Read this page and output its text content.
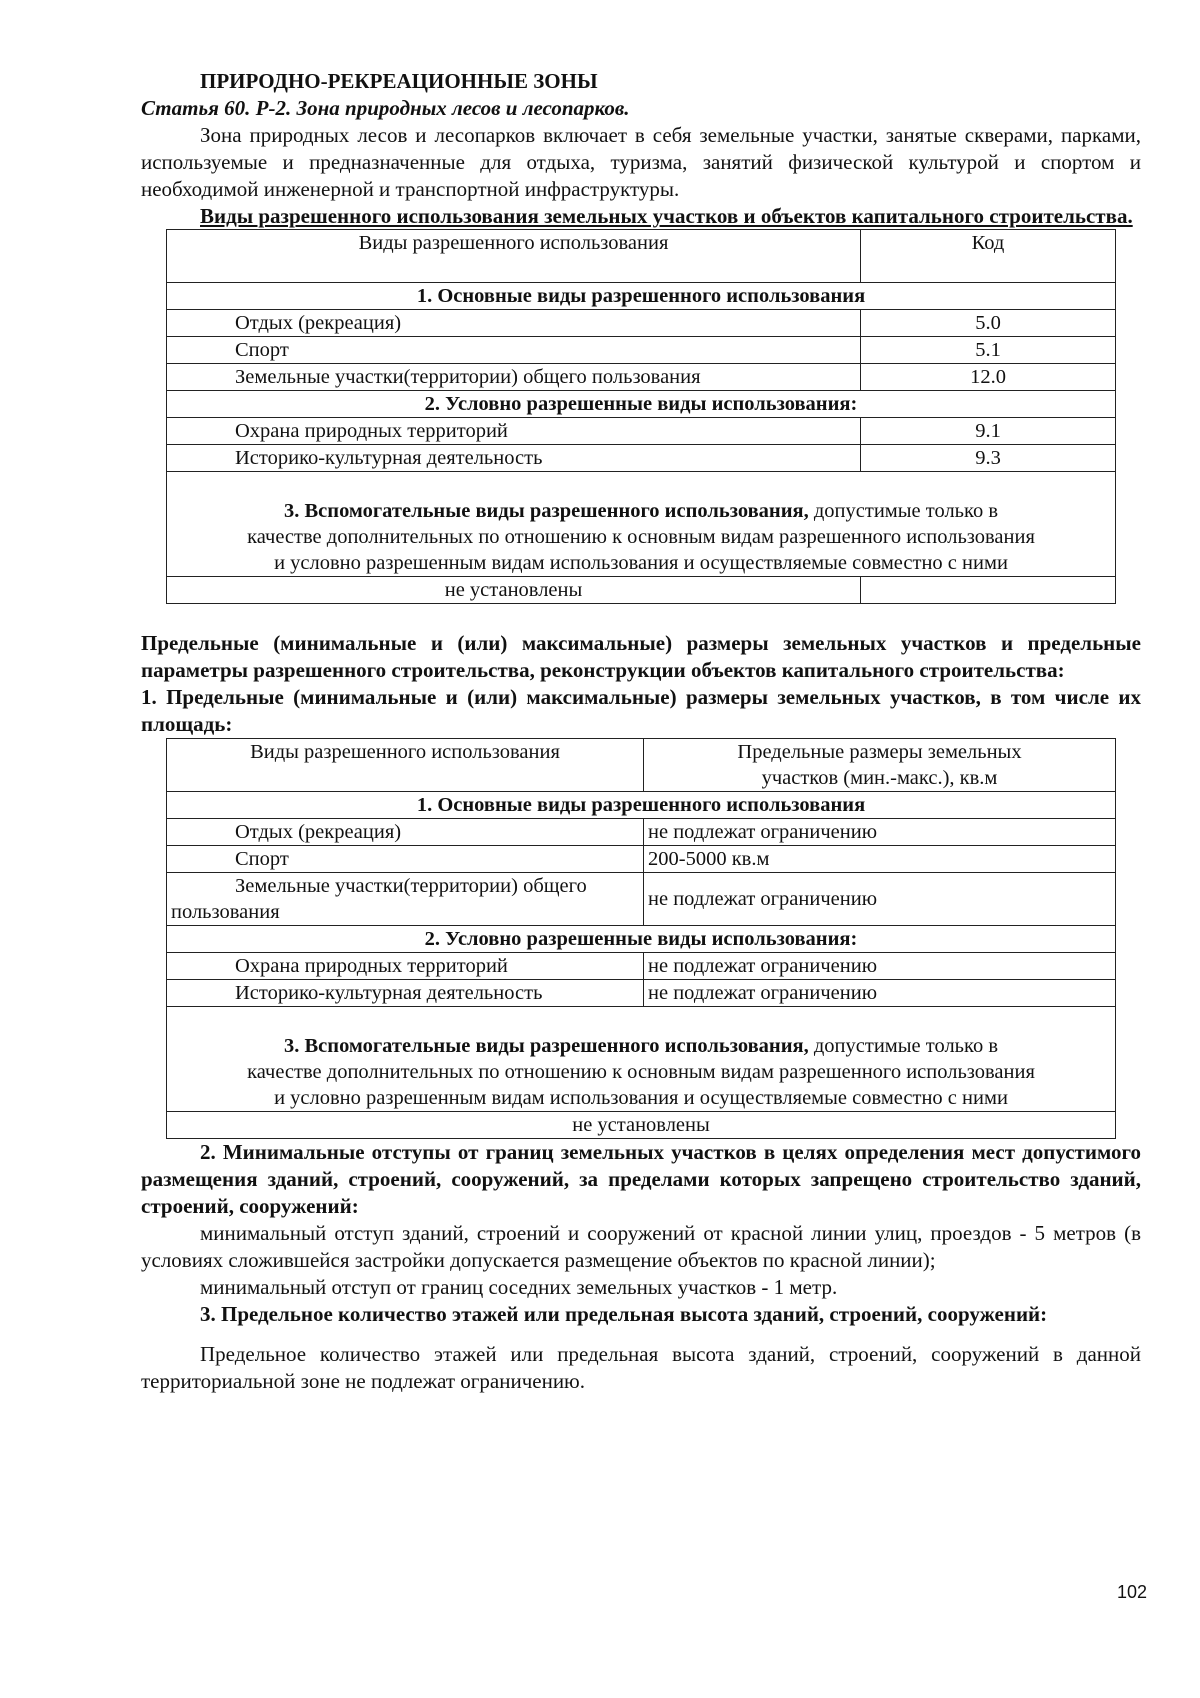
ПРИРОДНО-РЕКРЕАЦИОННЫЕ ЗОНЫ
Статья 60. Р-2. Зона природных лесов и лесопарков.

Зона природных лесов и лесопарков включает в себя земельные участки, занятые скверами, парками, используемые и предназначенные для отдыха, туризма, занятий физической культурой и спортом и необходимой инженерной и транспортной инфраструктуры.

Виды разрешенного использования земельных участков и объектов капитального строительства.

Виды разрешенного использования	Код
1. Основные виды разрешенного использования	
Отдых (рекреация)	5.0
Спорт	5.1
Земельные участки(территории) общего пользования	12.0
2. Условно разрешенные виды использования:	
Охрана природных территорий	9.1
Историко-культурная деятельность	9.3
3. Вспомогательные виды разрешенного использования, допустимые только в
качестве дополнительных по отношению к основным видам разрешенного использования
и условно разрешенным видам использования и осуществляемые совместно с ними	
не установлены	

Предельные (минимальные и (или) максимальные) размеры земельных участков и предельные параметры разрешенного строительства, реконструкции объектов капитального строительства:

1. Предельные (минимальные и (или) максимальные) размеры земельных участков, в том числе их площадь:

Виды разрешенного использования	Предельные размеры земельных
участков (мин.-макс.), кв.м
1. Основные виды разрешенного использования	
Отдых (рекреация)	не подлежат ограничению
Спорт	200-5000 кв.м
Земельные участки(территории) общего
пользования	не подлежат ограничению
2. Условно разрешенные виды использования:	
Охрана природных территорий	не подлежат ограничению
Историко-культурная деятельность	не подлежат ограничению
3. Вспомогательные виды разрешенного использования, допустимые только в
качестве дополнительных по отношению к основным видам разрешенного использования
и условно разрешенным видам использования и осуществляемые совместно с ними	
не установлены	

2. Минимальные отступы от границ земельных участков в целях определения мест допустимого размещения зданий, строений, сооружений, за пределами которых запрещено строительство зданий, строений, сооружений:

минимальный отступ зданий, строений и сооружений от красной линии улиц, проездов - 5 метров (в условиях сложившейся застройки допускается размещение объектов по красной линии);

минимальный отступ от границ соседних земельных участков - 1 метр.

3. Предельное количество этажей или предельная высота зданий, строений, сооружений:

Предельное количество этажей или предельная высота зданий, строений, сооружений в данной территориальной зоне не подлежат ограничению.

102
